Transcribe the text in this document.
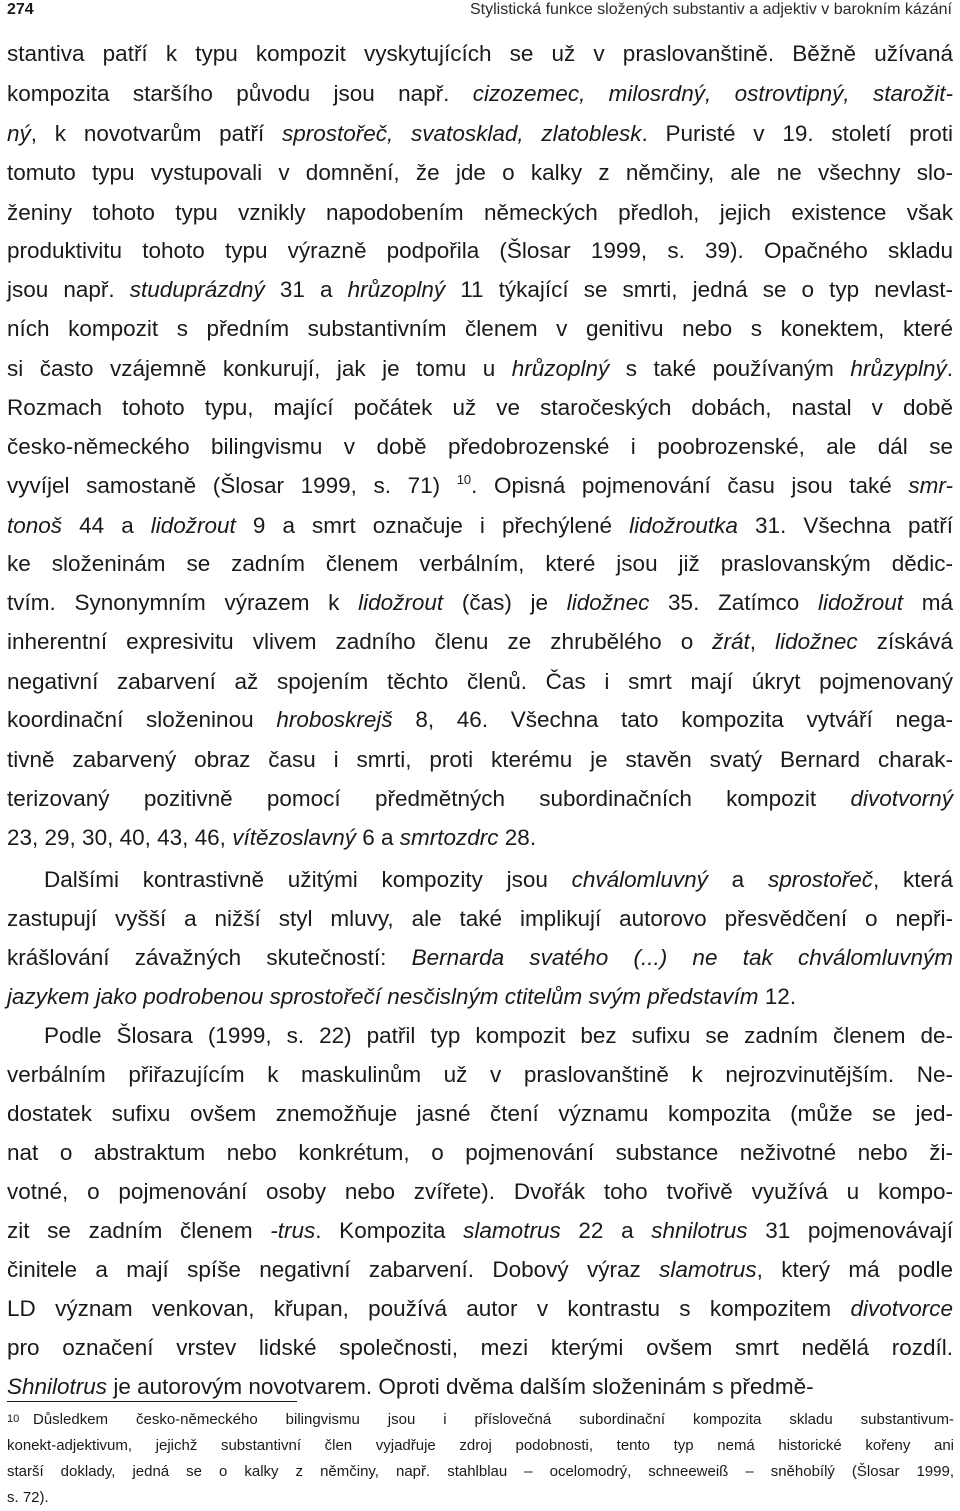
274	Stylistická funkce složených substantiv a adjektiv v barokním kázání
stantiva patří k typu kompozit vyskytujících se už v praslovanštině. Běžně užívaná
kompozita staršího původu jsou např. cizozemec, milosrdný, ostrovtipný, starožit-
ný, k novotvarům patří sprostořeč, svatosklad, zlatoblesk. Puristé v 19. století proti
tomuto typu vystupovali v domnění, že jde o kalky z němčiny, ale ne všechny slo-
ženiny tohoto typu vznikly napodobením německých předloh, jejich existence však
produktivitu tohoto typu výrazně podpořila (Šlosar 1999, s. 39). Opačného skladu
jsou např. studuprázdný 31 a hrůzoplný 11 týkající se smrti, jedná se o typ nevlast-
ních kompozit s předním substantivním členem v genitivu nebo s konektem, které
si často vzájemně konkurují, jak je tomu u hrůzoplný s také používaným hrůzyplný.
Rozmach tohoto typu, mající počátek už ve staročeských dobách, nastal v době
česko-německého bilingvismu v době předobrozenské i poobrozenské, ale dál se
vyvíjel samostaně (Šlosar 1999, s. 71) $^{10}$. Opisná pojmenování času jsou také smr-
tonoš 44 a lidožrout 9 a smrt označuje i přechýlené lidožroutka 31. Všechna patří
ke složeninám se zadním členem verbálním, které jsou již praslovanským dědic-
tvím. Synonymním výrazem k lidožrout (čas) je lidožnec 35. Zatímco lidožrout má
inherentní expresivitu vlivem zadního členu ze zhrubělého o žrát, lidožnec získává
negativní zabarvení až spojením těchto členů. Čas i smrt mají úkryt pojmenovaný
koordinační složeninou hroboskrejš 8, 46. Všechna tato kompozita vytváří nega-
tivně zabarvený obraz času i smrti, proti kterému je stavěn svatý Bernard charak-
terizovaný pozitivně pomocí předmětných subordinačních kompozit divotvorný
23, 29, 30, 40, 43, 46, vítězoslavný 6 a smrtozdrc 28.
Dalšími kontrastivně užitými kompozity jsou chválomluvný a sprostořeč, která
zastupují vyšší a nižší styl mluvy, ale také implikují autorovo přesvědčení o nepři-
krášlování závažných skutečností: Bernarda svatého (...) ne tak chválomluvným
jazykem jako podrobenou sprostořečí nesčislným ctitelům svým představím 12.
Podle Šlosara (1999, s. 22) patřil typ kompozit bez sufixu se zadním členem de-
verbálním přiřazujícím k maskulinům už v praslovanštině k nejrozvinutějším. Ne-
dostatek sufixu ovšem znemožňuje jasné čtení významu kompozita (může se jed-
nat o abstraktum nebo konkrétum, o pojmenování substance neživotné nebo ži-
votné, o pojmenování osoby nebo zvířete). Dvořák toho tvořivě využívá u kompo-
zit se zadním členem -trus. Kompozita slamotrus 22 a shnilotrus 31 pojmenovávají
činitele a mají spíše negativní zabarvení. Dobový výraz slamotrus, který má podle
LD význam venkovan, křupan, používá autor v kontrastu s kompozitem divotvorce
pro označení vrstev lidské společnosti, mezi kterými ovšem smrt nedělá rozdíl.
Shnilotrus je autorovým novotvarem. Oproti dvěma dalším složeninám s předmě-
10 Důsledkem česko-německého bilingvismu jsou i příslovečná subordinační kompozita skladu substantivum-
konekt-adjektivum, jejichž substantivní člen vyjadřuje zdroj podobnosti, tento typ nemá historické kořeny ani
starší doklady, jedná se o kalky z němčiny, např. stahlblau – ocelomodrý, schneeweiß – sněhobílý (Šlosar 1999,
s. 72).
